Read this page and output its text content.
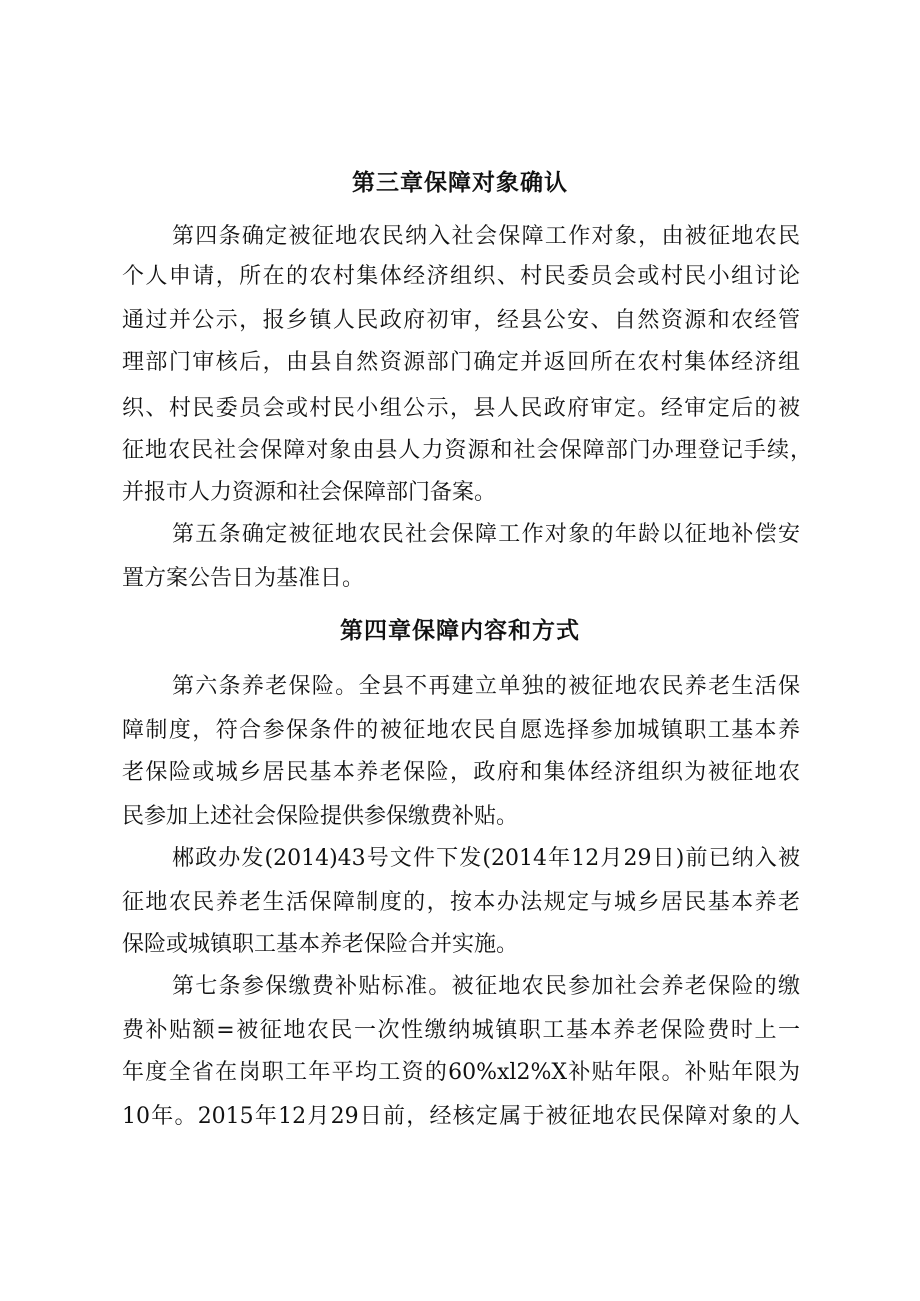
第三章保障对象确认
第四条确定被征地农民纳入社会保障工作对象，由被征地农民
个人申请，所在的农村集体经济组织、村民委员会或村民小组讨论
通过并公示，报乡镇人民政府初审，经县公安、自然资源和农经管
理部门审核后，由县自然资源部门确定并返回所在农村集体经济组
织、村民委员会或村民小组公示，县人民政府审定。经审定后的被
征地农民社会保障对象由县人力资源和社会保障部门办理登记手续，
并报市人力资源和社会保障部门备案。
第五条确定被征地农民社会保障工作对象的年龄以征地补偿安
置方案公告日为基准日。
第四章保障内容和方式
第六条养老保险。全县不再建立单独的被征地农民养老生活保
障制度，符合参保条件的被征地农民自愿选择参加城镇职工基本养
老保险或城乡居民基本养老保险，政府和集体经济组织为被征地农
民参加上述社会保险提供参保缴费补贴。
郴政办发(2014)43号文件下发(2014年12月29日)前已纳入被
征地农民养老生活保障制度的，按本办法规定与城乡居民基本养老
保险或城镇职工基本养老保险合并实施。
第七条参保缴费补贴标准。被征地农民参加社会养老保险的缴
费补贴额=被征地农民一次性缴纳城镇职工基本养老保险费时上一
年度全省在岗职工年平均工资的60%xl2%X补贴年限。补贴年限为
10年。2015年12月29日前，经核定属于被征地农民保障对象的人
